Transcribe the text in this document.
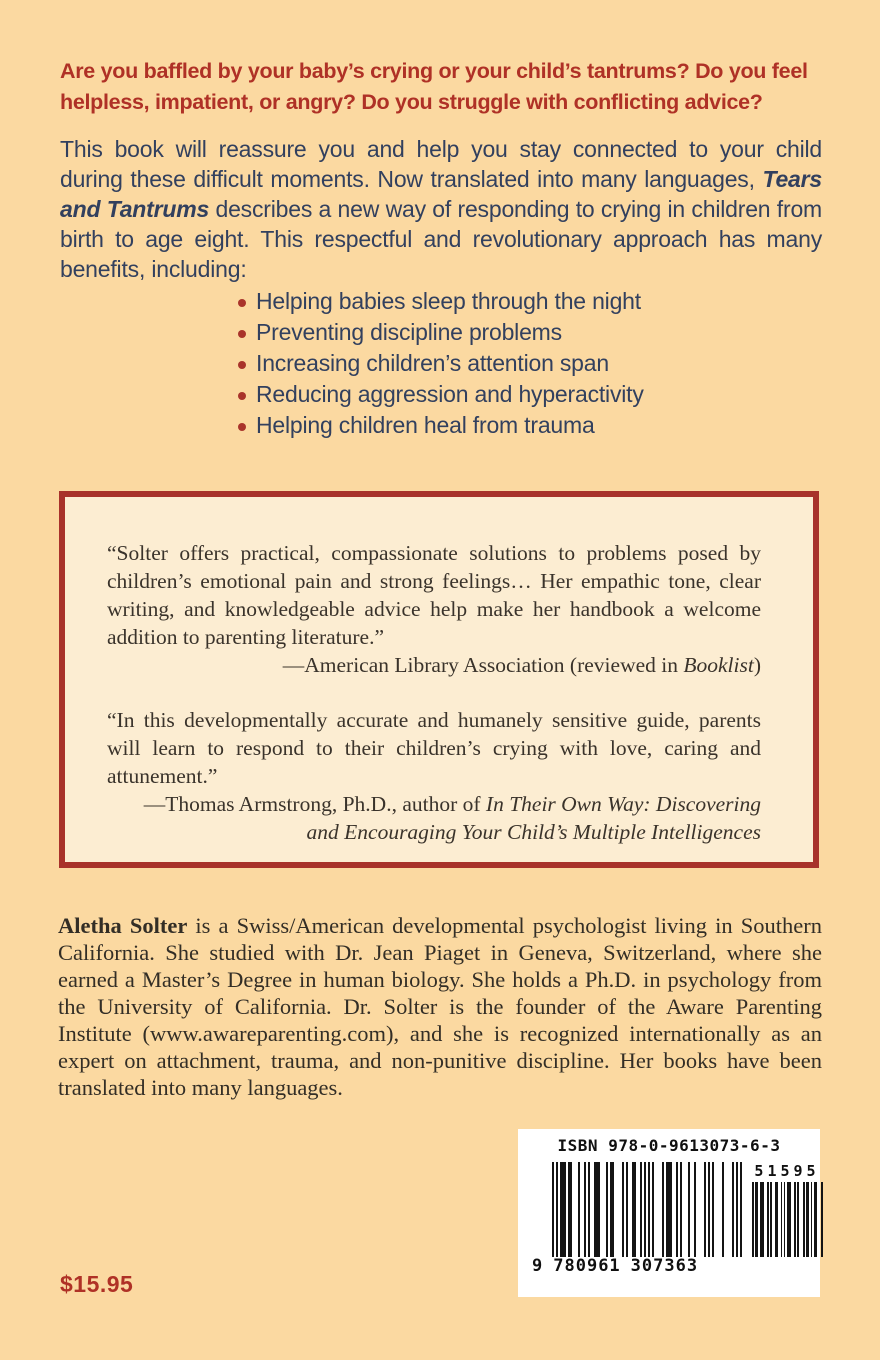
Are you baffled by your baby’s crying or your child’s tantrums? Do you feel helpless, impatient, or angry? Do you struggle with conflicting advice?

This book will reassure you and help you stay connected to your child during these difficult moments. Now translated into many languages, Tears and Tantrums describes a new way of responding to crying in children from birth to age eight. This respectful and revolutionary approach has many benefits, including:

Helping babies sleep through the night
Preventing discipline problems
Increasing children’s attention span
Reducing aggression and hyperactivity
Helping children heal from trauma

“Solter offers practical, compassionate solutions to problems posed by children’s emotional pain and strong feelings… Her empathic tone, clear writing, and knowledgeable advice help make her handbook a welcome addition to parenting literature.”

—American Library Association (reviewed in Booklist)

“In this developmentally accurate and humanely sensitive guide, parents will learn to respond to their children’s crying with love, caring and attunement.”

—Thomas Armstrong, Ph.D., author of In Their Own Way: Discovering and Encouraging Your Child’s Multiple Intelligences

Aletha Solter is a Swiss/American developmental psychologist living in Southern California. She studied with Dr. Jean Piaget in Geneva, Switzerland, where she earned a Master’s Degree in human biology. She holds a Ph.D. in psychology from the University of California. Dr. Solter is the founder of the Aware Parenting Institute (www.awareparenting.com), and she is recognized internationally as an expert on attachment, trauma, and non-punitive discipline. Her books have been translated into many languages.

ISBN 978-0-9613073-6-3
51595
9 780961 307363
$15.95
